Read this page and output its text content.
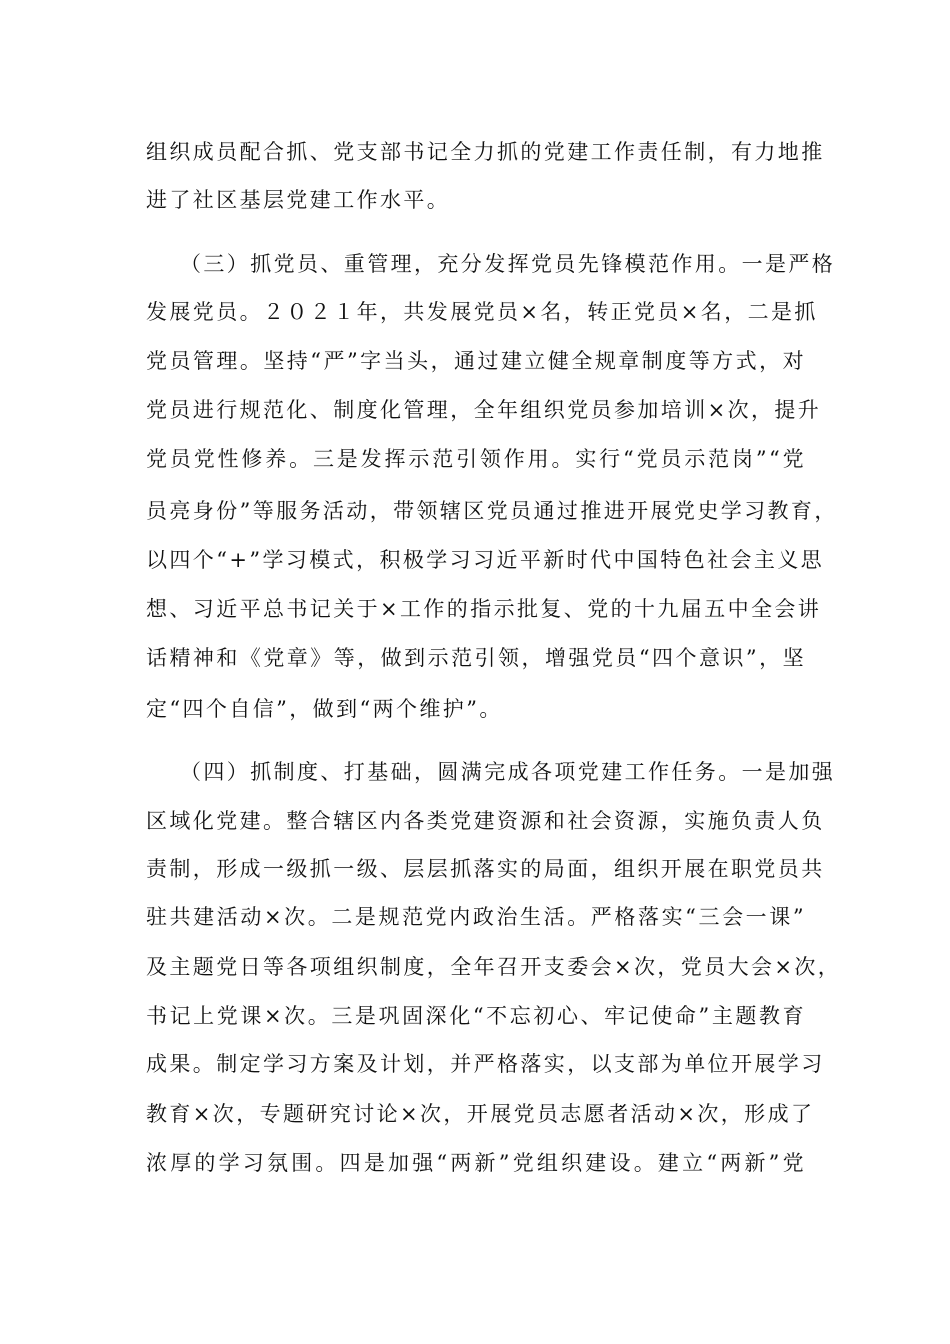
组织成员配合抓、党支部书记全力抓的党建工作责任制，有力地推
进了社区基层党建工作水平。
（三）抓党员、重管理，充分发挥党员先锋模范作用。一是严格
发展党员。２０２１年，共发展党员×名，转正党员×名，二是抓
党员管理。坚持“严”字当头，通过建立健全规章制度等方式，对
党员进行规范化、制度化管理，全年组织党员参加培训×次，提升
党员党性修养。三是发挥示范引领作用。实行“党员示范岗”“党
员亮身份”等服务活动，带领辖区党员通过推进开展党史学习教育，
以四个“+”学习模式，积极学习习近平新时代中国特色社会主义思
想、习近平总书记关于×工作的指示批复、党的十九届五中全会讲
话精神和《党章》等，做到示范引领，增强党员“四个意识”，坚
定“四个自信”，做到“两个维护”。
（四）抓制度、打基础，圆满完成各项党建工作任务。一是加强
区域化党建。整合辖区内各类党建资源和社会资源，实施负责人负
责制，形成一级抓一级、层层抓落实的局面，组织开展在职党员共
驻共建活动×次。二是规范党内政治生活。严格落实“三会一课”
及主题党日等各项组织制度，全年召开支委会×次，党员大会×次，
书记上党课×次。三是巩固深化“不忘初心、牢记使命”主题教育
成果。制定学习方案及计划，并严格落实，以支部为单位开展学习
教育×次，专题研究讨论×次，开展党员志愿者活动×次，形成了
浓厚的学习氛围。四是加强“两新”党组织建设。建立“两新”党
